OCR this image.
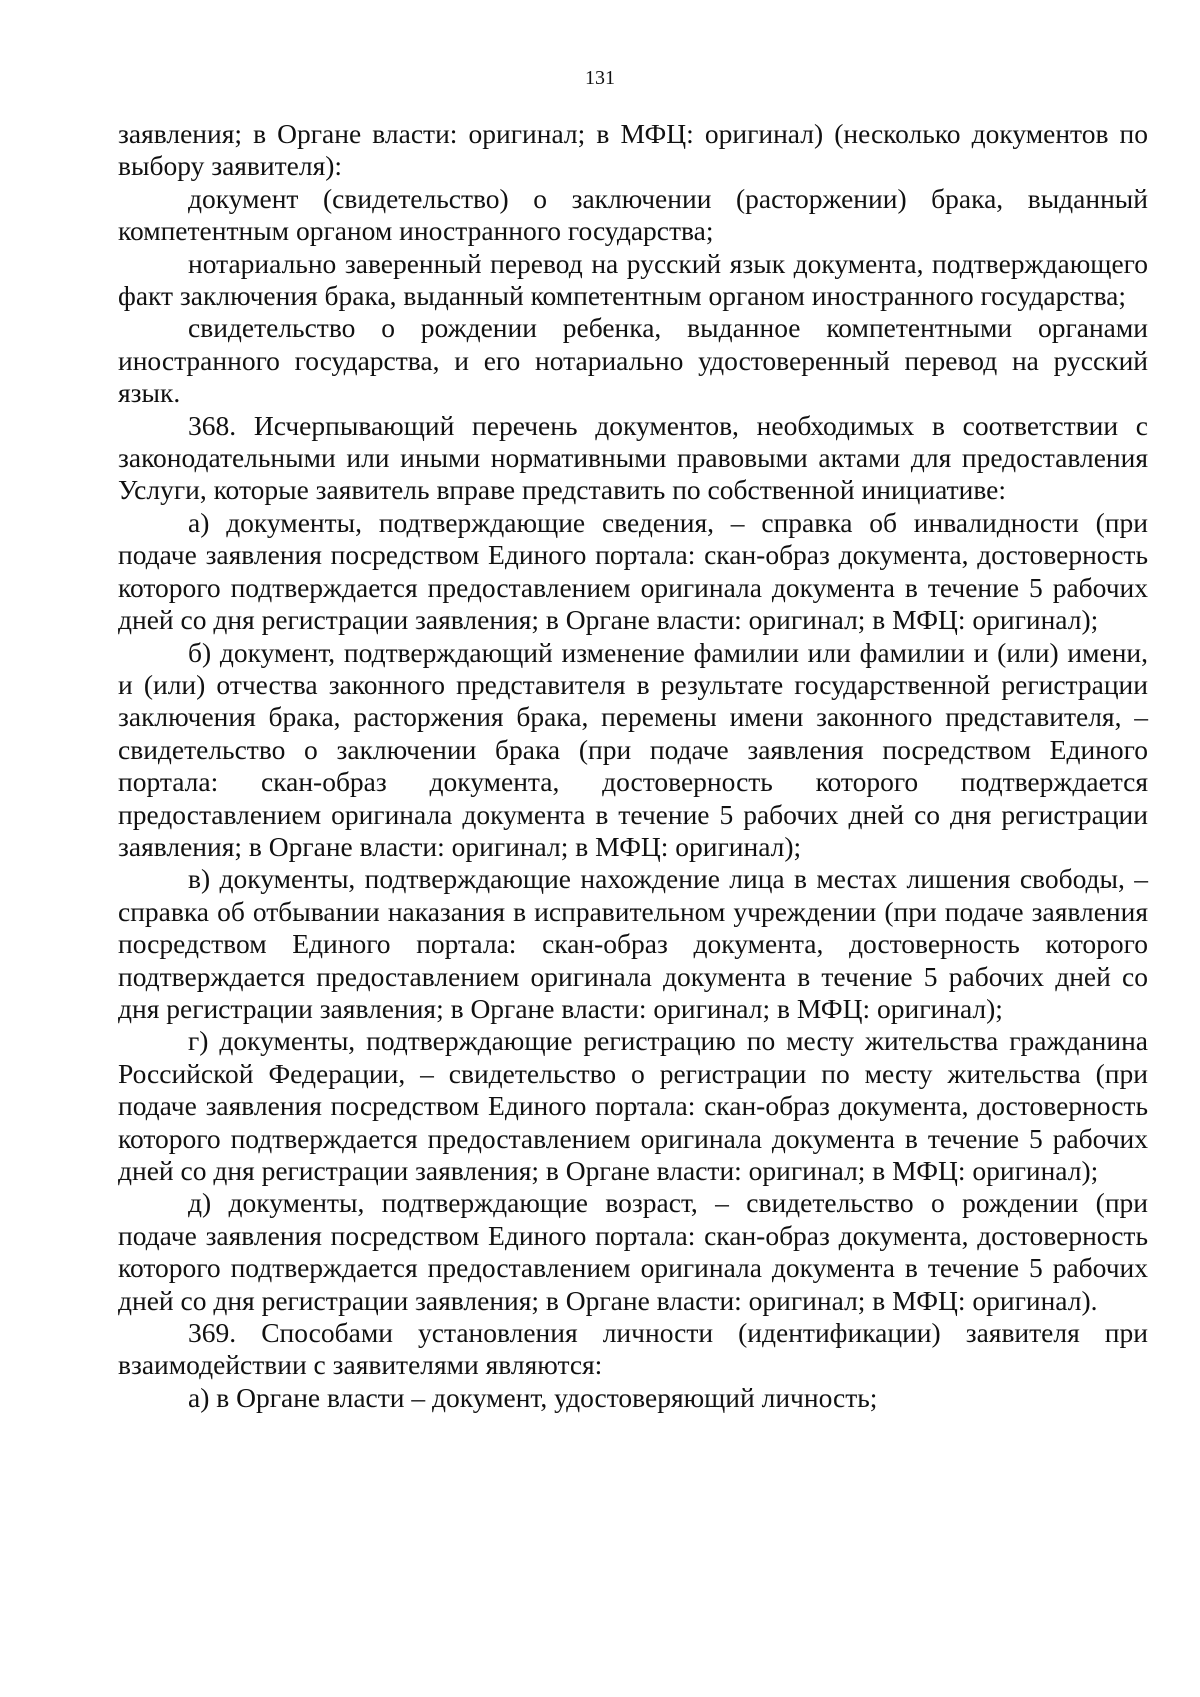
131

заявления; в Органе власти: оригинал; в МФЦ: оригинал) (несколько документов по выбору заявителя):

документ (свидетельство) о заключении (расторжении) брака, выданный компетентным органом иностранного государства;

нотариально заверенный перевод на русский язык документа, подтверждающего факт заключения брака, выданный компетентным органом иностранного государства;

свидетельство о рождении ребенка, выданное компетентными органами иностранного государства, и его нотариально удостоверенный перевод на русский язык.

368. Исчерпывающий перечень документов, необходимых в соответствии с законодательными или иными нормативными правовыми актами для предоставления Услуги, которые заявитель вправе представить по собственной инициативе:

а) документы, подтверждающие сведения, – справка об инвалидности (при подаче заявления посредством Единого портала: скан-образ документа, достоверность которого подтверждается предоставлением оригинала документа в течение 5 рабочих дней со дня регистрации заявления; в Органе власти: оригинал; в МФЦ: оригинал);

б) документ, подтверждающий изменение фамилии или фамилии и (или) имени, и (или) отчества законного представителя в результате государственной регистрации заключения брака, расторжения брака, перемены имени законного представителя, – свидетельство о заключении брака (при подаче заявления посредством Единого портала: скан-образ документа, достоверность которого подтверждается предоставлением оригинала документа в течение 5 рабочих дней со дня регистрации заявления; в Органе власти: оригинал; в МФЦ: оригинал);

в) документы, подтверждающие нахождение лица в местах лишения свободы, – справка об отбывании наказания в исправительном учреждении (при подаче заявления посредством Единого портала: скан-образ документа, достоверность которого подтверждается предоставлением оригинала документа в течение 5 рабочих дней со дня регистрации заявления; в Органе власти: оригинал; в МФЦ: оригинал);

г) документы, подтверждающие регистрацию по месту жительства гражданина Российской Федерации, – свидетельство о регистрации по месту жительства (при подаче заявления посредством Единого портала: скан-образ документа, достоверность которого подтверждается предоставлением оригинала документа в течение 5 рабочих дней со дня регистрации заявления; в Органе власти: оригинал; в МФЦ: оригинал);

д) документы, подтверждающие возраст, – свидетельство о рождении (при подаче заявления посредством Единого портала: скан-образ документа, достоверность которого подтверждается предоставлением оригинала документа в течение 5 рабочих дней со дня регистрации заявления; в Органе власти: оригинал; в МФЦ: оригинал).

369. Способами установления личности (идентификации) заявителя при взаимодействии с заявителями являются:

а) в Органе власти – документ, удостоверяющий личность;
